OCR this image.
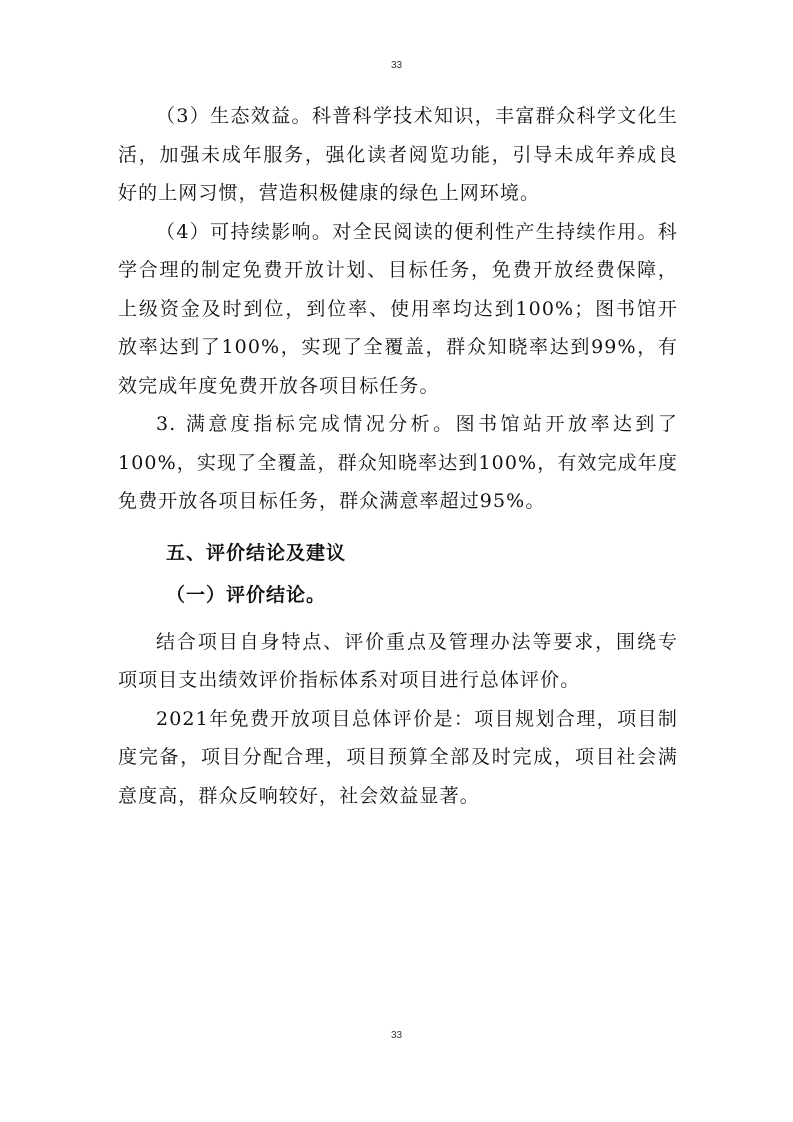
33

（3）生态效益。科普科学技术知识，丰富群众科学文化生活，加强未成年服务，强化读者阅览功能，引导未成年养成良好的上网习惯，营造积极健康的绿色上网环境。

（4）可持续影响。对全民阅读的便利性产生持续作用。科学合理的制定免费开放计划、目标任务，免费开放经费保障，上级资金及时到位，到位率、使用率均达到100%；图书馆开放率达到了100%，实现了全覆盖，群众知晓率达到99%，有效完成年度免费开放各项目标任务。

3. 满意度指标完成情况分析。图书馆站开放率达到了100%，实现了全覆盖，群众知晓率达到100%，有效完成年度免费开放各项目标任务，群众满意率超过95%。

五、评价结论及建议
（一）评价结论。

结合项目自身特点、评价重点及管理办法等要求，围绕专项项目支出绩效评价指标体系对项目进行总体评价。

2021年免费开放项目总体评价是：项目规划合理，项目制度完备，项目分配合理，项目预算全部及时完成，项目社会满意度高，群众反响较好，社会效益显著。

33
